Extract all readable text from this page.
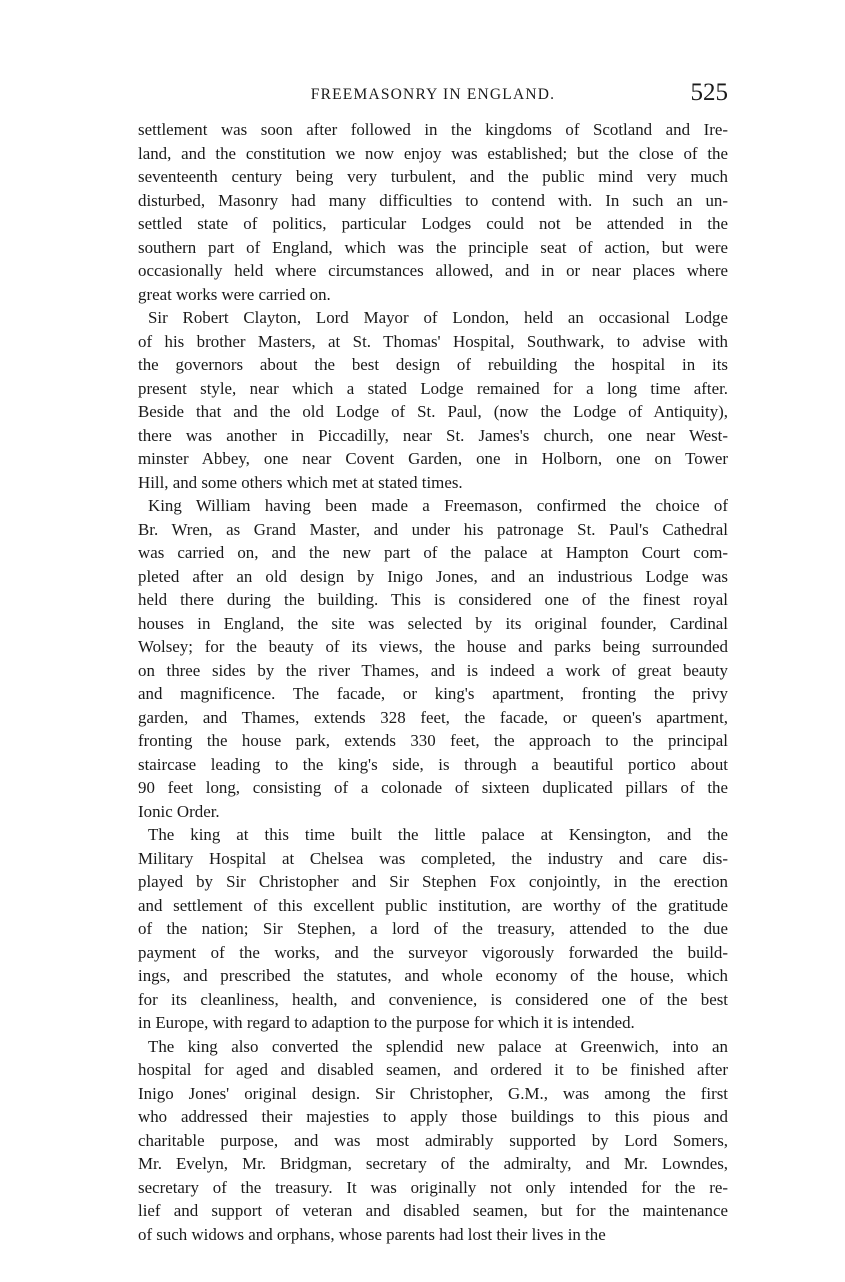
FREEMASONRY IN ENGLAND.	525
settlement was soon after followed in the kingdoms of Scotland and Ire-
land, and the constitution we now enjoy was established; but the close of the
seventeenth century being very turbulent, and the public mind very much
disturbed, Masonry had many difficulties to contend with. In such an un-
settled state of politics, particular Lodges could not be attended in the
southern part of England, which was the principle seat of action, but were
occasionally held where circumstances allowed, and in or near places where
great works were carried on.
Sir Robert Clayton, Lord Mayor of London, held an occasional Lodge
of his brother Masters, at St. Thomas' Hospital, Southwark, to advise with
the governors about the best design of rebuilding the hospital in its
present style, near which a stated Lodge remained for a long time after.
Beside that and the old Lodge of St. Paul, (now the Lodge of Antiquity),
there was another in Piccadilly, near St. James's church, one near West-
minster Abbey, one near Covent Garden, one in Holborn, one on Tower
Hill, and some others which met at stated times.
King William having been made a Freemason, confirmed the choice of
Br. Wren, as Grand Master, and under his patronage St. Paul's Cathedral
was carried on, and the new part of the palace at Hampton Court com-
pleted after an old design by Inigo Jones, and an industrious Lodge was
held there during the building. This is considered one of the finest royal
houses in England, the site was selected by its original founder, Cardinal
Wolsey; for the beauty of its views, the house and parks being surrounded
on three sides by the river Thames, and is indeed a work of great beauty
and magnificence. The facade, or king's apartment, fronting the privy
garden, and Thames, extends 328 feet, the facade, or queen's apartment,
fronting the house park, extends 330 feet, the approach to the principal
staircase leading to the king's side, is through a beautiful portico about
90 feet long, consisting of a colonade of sixteen duplicated pillars of the
Ionic Order.
The king at this time built the little palace at Kensington, and the
Military Hospital at Chelsea was completed, the industry and care dis-
played by Sir Christopher and Sir Stephen Fox conjointly, in the erection
and settlement of this excellent public institution, are worthy of the gratitude
of the nation; Sir Stephen, a lord of the treasury, attended to the due
payment of the works, and the surveyor vigorously forwarded the build-
ings, and prescribed the statutes, and whole economy of the house, which
for its cleanliness, health, and convenience, is considered one of the best
in Europe, with regard to adaption to the purpose for which it is intended.
The king also converted the splendid new palace at Greenwich, into an
hospital for aged and disabled seamen, and ordered it to be finished after
Inigo Jones' original design. Sir Christopher, G.M., was among the first
who addressed their majesties to apply those buildings to this pious and
charitable purpose, and was most admirably supported by Lord Somers,
Mr. Evelyn, Mr. Bridgman, secretary of the admiralty, and Mr. Lowndes,
secretary of the treasury. It was originally not only intended for the re-
lief and support of veteran and disabled seamen, but for the maintenance
of such widows and orphans, whose parents had lost their lives in the
